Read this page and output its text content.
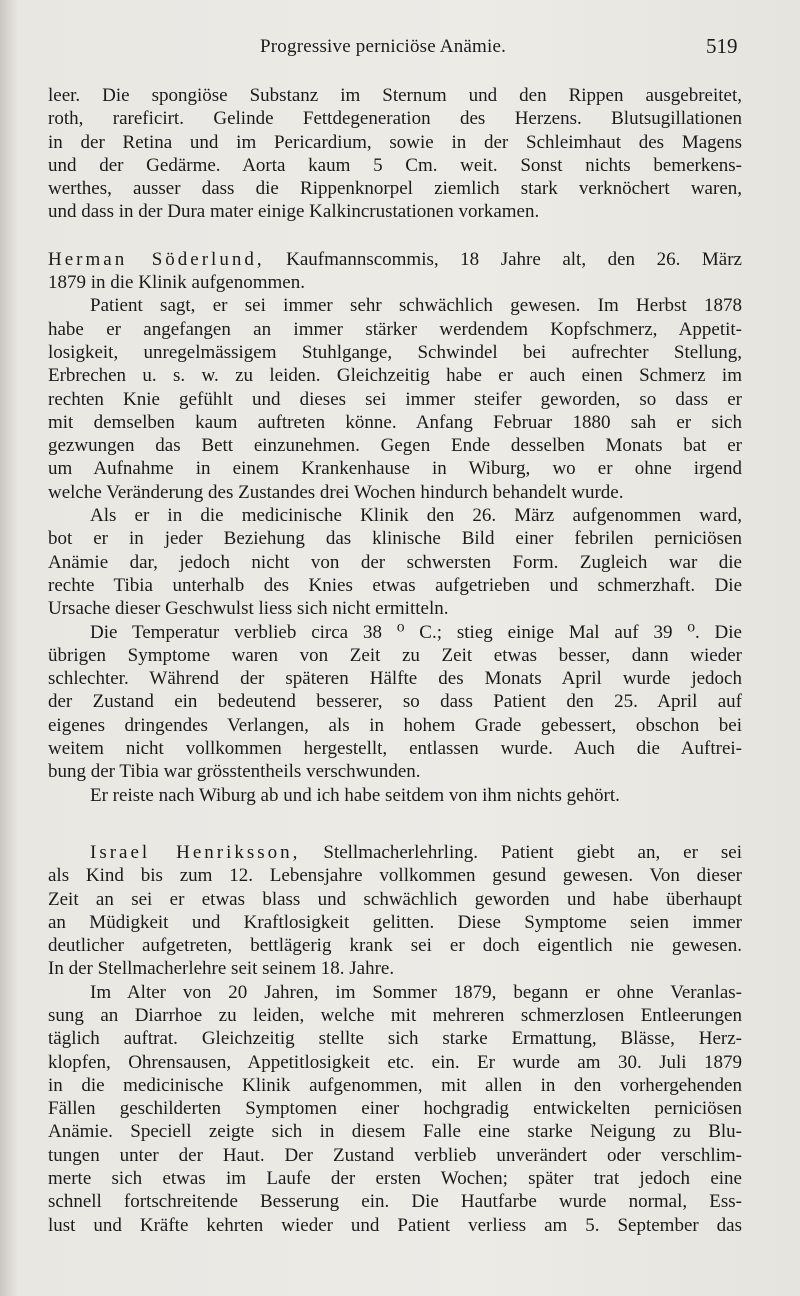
Progressive perniciöse Anämie.	519
leer. Die spongiöse Substanz im Sternum und den Rippen ausgebreitet,
roth, rareficirt. Gelinde Fettdegeneration des Herzens. Blutsugillationen
in der Retina und im Pericardium, sowie in der Schleimhaut des Magens
und der Gedärme. Aorta kaum 5 Cm. weit. Sonst nichts bemerkens-
werthes, ausser dass die Rippenknorpel ziemlich stark verknöchert waren,
und dass in der Dura mater einige Kalkincrustationen vorkamen.
Herman Söderlund, Kaufmannscommis, 18 Jahre alt, den 26. März
1879 in die Klinik aufgenommen.
Patient sagt, er sei immer sehr schwächlich gewesen. Im Herbst 1878
habe er angefangen an immer stärker werdendem Kopfschmerz, Appetit-
losigkeit, unregelmässigem Stuhlgange, Schwindel bei aufrechter Stellung,
Erbrechen u. s. w. zu leiden. Gleichzeitig habe er auch einen Schmerz im
rechten Knie gefühlt und dieses sei immer steifer geworden, so dass er
mit demselben kaum auftreten könne. Anfang Februar 1880 sah er sich
gezwungen das Bett einzunehmen. Gegen Ende desselben Monats bat er
um Aufnahme in einem Krankenhause in Wiburg, wo er ohne irgend
welche Veränderung des Zustandes drei Wochen hindurch behandelt wurde.
Als er in die medicinische Klinik den 26. März aufgenommen ward,
bot er in jeder Beziehung das klinische Bild einer febrilen perniciösen
Anämie dar, jedoch nicht von der schwersten Form. Zugleich war die
rechte Tibia unterhalb des Knies etwas aufgetrieben und schmerzhaft. Die
Ursache dieser Geschwulst liess sich nicht ermitteln.
Die Temperatur verblieb circa 38 ⁰ C.; stieg einige Mal auf 39 ⁰. Die
übrigen Symptome waren von Zeit zu Zeit etwas besser, dann wieder
schlechter. Während der späteren Hälfte des Monats April wurde jedoch
der Zustand ein bedeutend besserer, so dass Patient den 25. April auf
eigenes dringendes Verlangen, als in hohem Grade gebessert, obschon bei
weitem nicht vollkommen hergestellt, entlassen wurde. Auch die Auftrei-
bung der Tibia war grösstentheils verschwunden.
Er reiste nach Wiburg ab und ich habe seitdem von ihm nichts gehört.
Israel Henriksson, Stellmacherlehrling. Patient giebt an, er sei
als Kind bis zum 12. Lebensjahre vollkommen gesund gewesen. Von dieser
Zeit an sei er etwas blass und schwächlich geworden und habe überhaupt
an Müdigkeit und Kraftlosigkeit gelitten. Diese Symptome seien immer
deutlicher aufgetreten, bettlägerig krank sei er doch eigentlich nie gewesen.
In der Stellmacherlehre seit seinem 18. Jahre.
Im Alter von 20 Jahren, im Sommer 1879, begann er ohne Veranlas-
sung an Diarrhoe zu leiden, welche mit mehreren schmerzlosen Entleerungen
täglich auftrat. Gleichzeitig stellte sich starke Ermattung, Blässe, Herz-
klopfen, Ohrensausen, Appetitlosigkeit etc. ein. Er wurde am 30. Juli 1879
in die medicinische Klinik aufgenommen, mit allen in den vorhergehenden
Fällen geschilderten Symptomen einer hochgradig entwickelten perniciösen
Anämie. Speciell zeigte sich in diesem Falle eine starke Neigung zu Blu-
tungen unter der Haut. Der Zustand verblieb unverändert oder verschlim-
merte sich etwas im Laufe der ersten Wochen; später trat jedoch eine
schnell fortschreitende Besserung ein. Die Hautfarbe wurde normal, Ess-
lust und Kräfte kehrten wieder und Patient verliess am 5. September das
